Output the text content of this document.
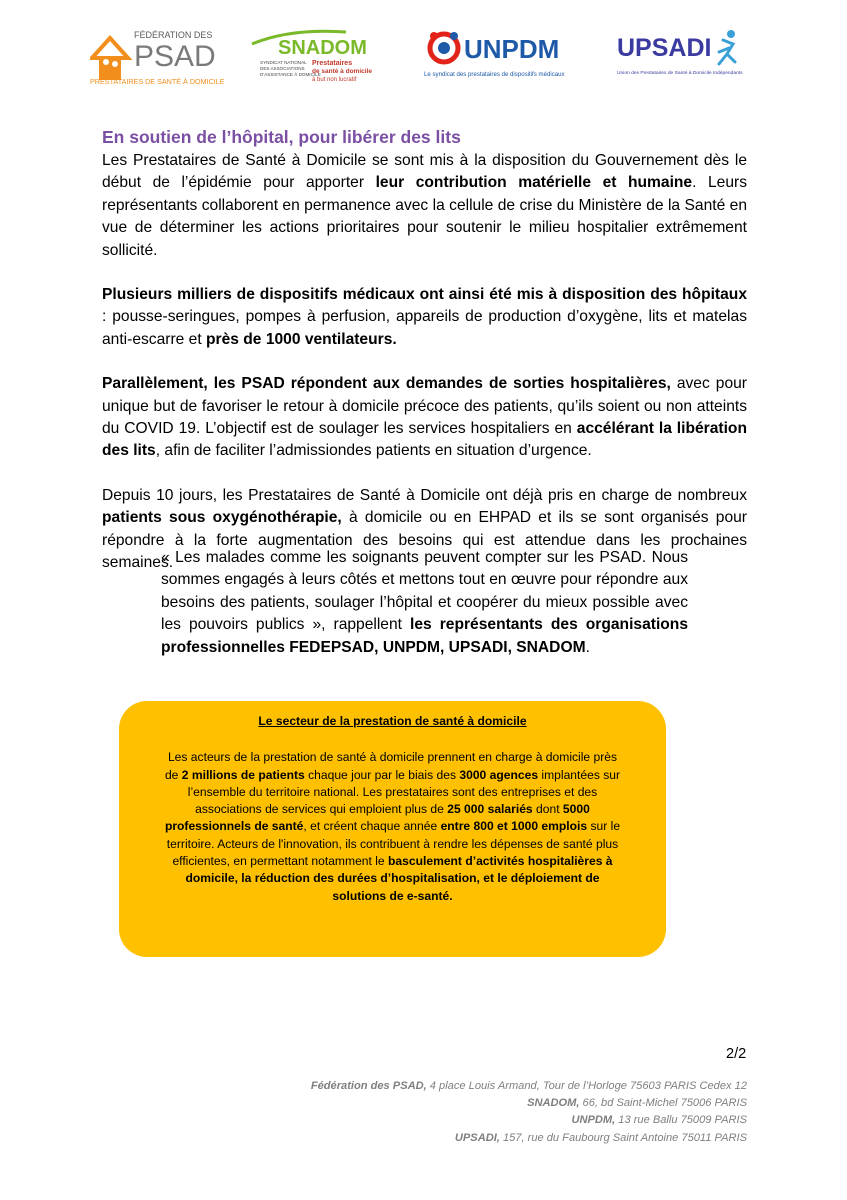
FÉDÉRATION DES
PSAD
PRESTATAIRES DE SANTÉ À DOMICILE
SNADOM
SYNDICAT NATIONAL
DES ASSOCIATIONS
D'ASSISTANCE À DOMICILE
Prestataires
de santé à domicile
à but non lucratif
UNPDM
Le syndicat des prestataires de dispositifs médicaux
UPSADI
Union des Prestataires de Santé à Domicile Indépendants
En soutien de l’hôpital, pour libérer des lits

Les Prestataires de Santé à Domicile se sont mis à la disposition du Gouvernement dès le début de l’épidémie pour apporter leur contribution matérielle et humaine. Leurs représentants collaborent en permanence avec la cellule de crise du Ministère de la Santé en vue de déterminer les actions prioritaires pour soutenir le milieu hospitalier extrêmement sollicité.

Plusieurs milliers de dispositifs médicaux ont ainsi été mis à disposition des hôpitaux : pousse-seringues, pompes à perfusion, appareils de production d’oxygène, lits et matelas anti-escarre et près de 1000 ventilateurs.

Parallèlement, les PSAD répondent aux demandes de sorties hospitalières, avec pour unique but de favoriser le retour à domicile précoce des patients, qu’ils soient ou non atteints du COVID 19. L’objectif est de soulager les services hospitaliers en accélérant la libération des lits, afin de faciliter l’admissiondes patients en situation d’urgence.

Depuis 10 jours, les Prestataires de Santé à Domicile ont déjà pris en charge de nombreux patients sous oxygénothérapie, à domicile ou en EHPAD et ils se sont organisés pour répondre à la forte augmentation des besoins qui est attendue dans les prochaines semaines.

« Les malades comme les soignants peuvent compter sur les PSAD. Nous sommes engagés à leurs côtés et mettons tout en œuvre pour répondre aux besoins des patients, soulager l’hôpital et coopérer du mieux possible avec les pouvoirs publics », rappellent les représentants des organisations professionnelles FEDEPSAD, UNPDM, UPSADI, SNADOM.
Le secteur de la prestation de santé à domicile
Les acteurs de la prestation de santé à domicile prennent en charge à domicile près de 2 millions de patients chaque jour par le biais des 3000 agences implantées sur l’ensemble du territoire national. Les prestataires sont des entreprises et des associations de services qui emploient plus de 25 000 salariés dont 5000 professionnels de santé, et créent chaque année entre 800 et 1000 emplois sur le territoire. Acteurs de l'innovation, ils contribuent à rendre les dépenses de santé plus efficientes, en permettant notamment le basculement d’activités hospitalières à domicile, la réduction des durées d’hospitalisation, et le déploiement de solutions de e-santé.
2/2
Fédération des PSAD, 4 place Louis Armand, Tour de l’Horloge 75603 PARIS Cedex 12
SNADOM, 66, bd Saint-Michel 75006 PARIS
UNPDM, 13 rue Ballu 75009 PARIS
UPSADI, 157, rue du Faubourg Saint Antoine 75011 PARIS
